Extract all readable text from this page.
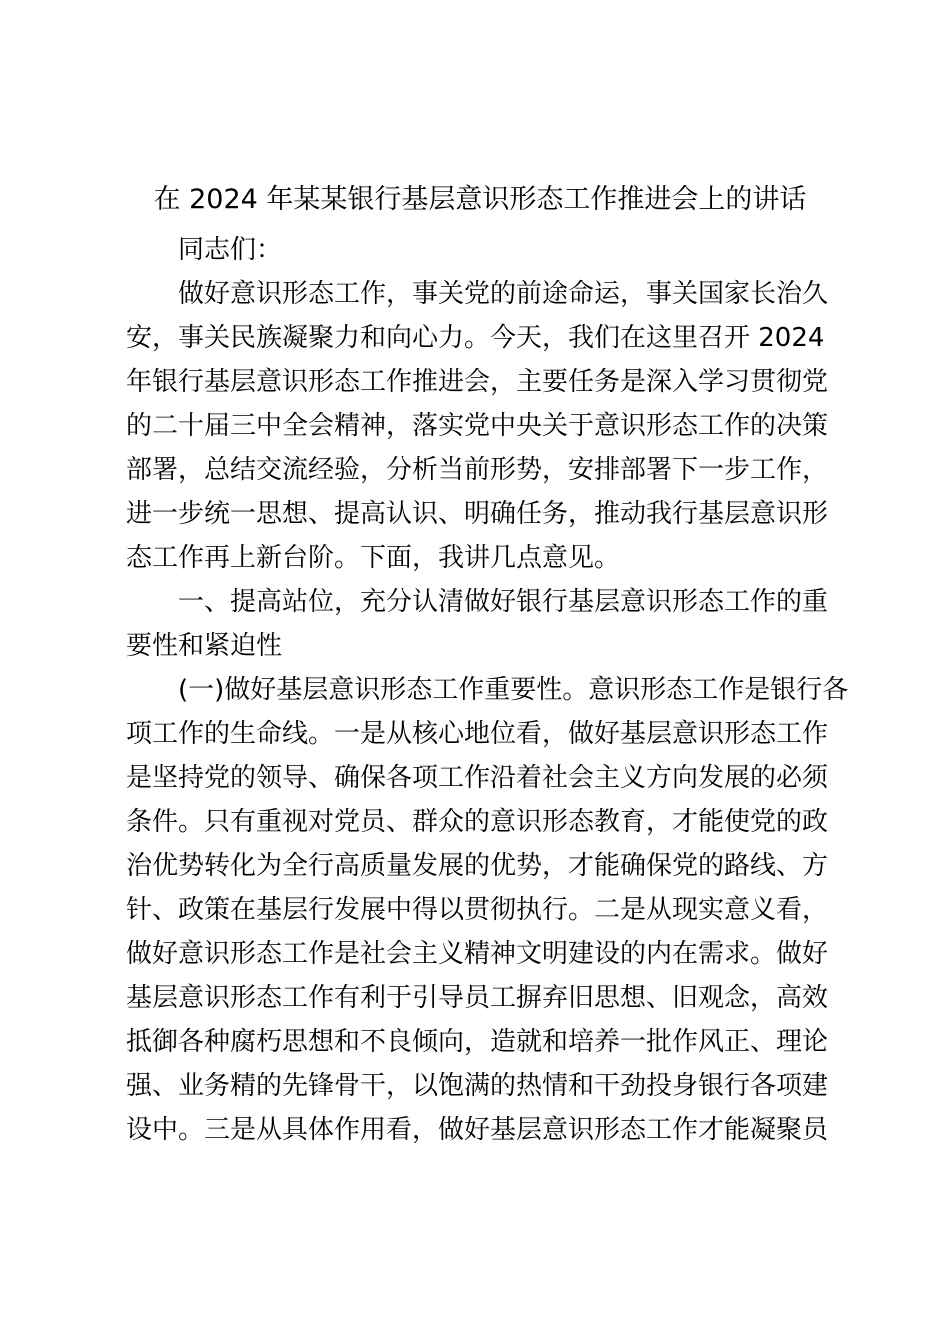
在 2024 年某某银行基层意识形态工作推进会上的讲话
同志们：
做好意识形态工作，事关党的前途命运，事关国家长治久
安，事关民族凝聚力和向心力。今天，我们在这里召开 2024
年银行基层意识形态工作推进会，主要任务是深入学习贯彻党
的二十届三中全会精神，落实党中央关于意识形态工作的决策
部署，总结交流经验，分析当前形势，安排部署下一步工作，
进一步统一思想、提高认识、明确任务，推动我行基层意识形
态工作再上新台阶。下面，我讲几点意见。
一、提高站位，充分认清做好银行基层意识形态工作的重
要性和紧迫性
(一)做好基层意识形态工作重要性。意识形态工作是银行各
项工作的生命线。一是从核心地位看，做好基层意识形态工作
是坚持党的领导、确保各项工作沿着社会主义方向发展的必须
条件。只有重视对党员、群众的意识形态教育，才能使党的政
治优势转化为全行高质量发展的优势，才能确保党的路线、方
针、政策在基层行发展中得以贯彻执行。二是从现实意义看，
做好意识形态工作是社会主义精神文明建设的内在需求。做好
基层意识形态工作有利于引导员工摒弃旧思想、旧观念，高效
抵御各种腐朽思想和不良倾向，造就和培养一批作风正、理论
强、业务精的先锋骨干，以饱满的热情和干劲投身银行各项建
设中。三是从具体作用看，做好基层意识形态工作才能凝聚员
